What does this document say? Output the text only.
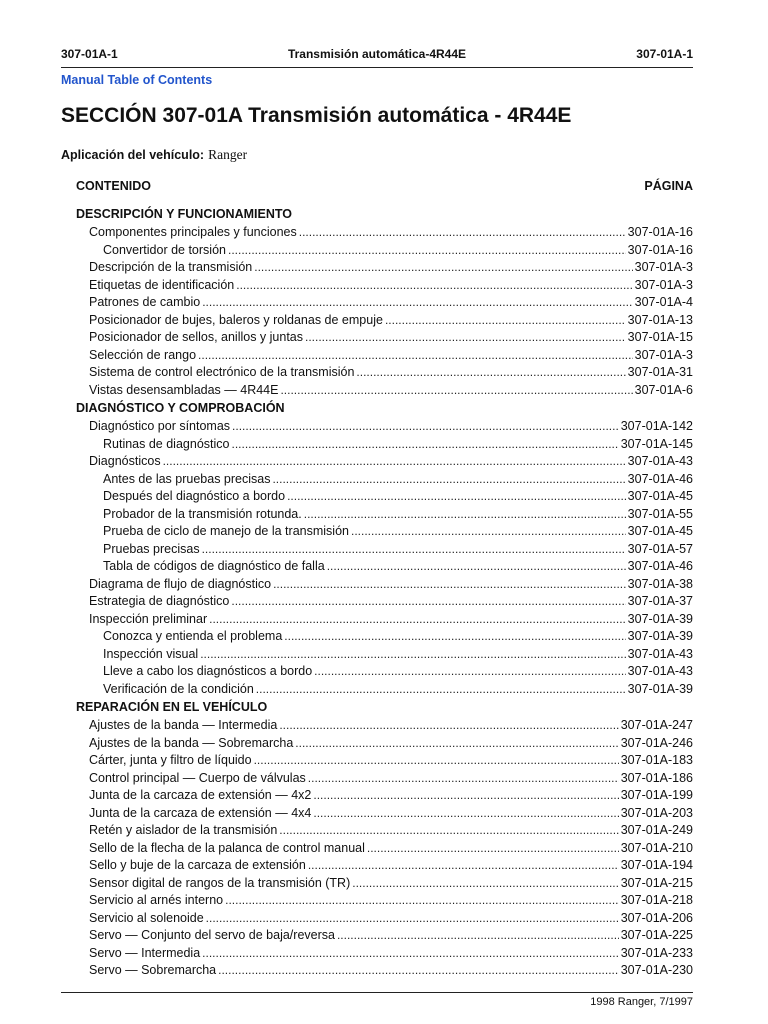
307-01A-1	Transmisión automática-4R44E	307-01A-1
Manual Table of Contents
SECCIÓN 307-01A Transmisión automática - 4R44E
Aplicación del vehículo: Ranger
CONTENIDO	PÁGINA
DESCRIPCIÓN Y FUNCIONAMIENTO
Componentes principales y funciones .....	307-01A-16
Convertidor de torsión .....	307-01A-16
Descripción de la transmisión .....	307-01A-3
Etiquetas de identificación .....	307-01A-3
Patrones de cambio .....	307-01A-4
Posicionador de bujes, baleros y roldanas de empuje .....	307-01A-13
Posicionador de sellos, anillos y juntas .....	307-01A-15
Selección de rango .....	307-01A-3
Sistema de control electrónico de la transmisión .....	307-01A-31
Vistas desensambladas — 4R44E .....	307-01A-6
DIAGNÓSTICO Y COMPROBACIÓN
Diagnóstico por síntomas .....	307-01A-142
Rutinas de diagnóstico .....	307-01A-145
Diagnósticos .....	307-01A-43
Antes de las pruebas precisas .....	307-01A-46
Después del diagnóstico a bordo .....	307-01A-45
Probador de la transmisión rotunda. .....	307-01A-55
Prueba de ciclo de manejo de la transmisión .....	307-01A-45
Pruebas precisas .....	307-01A-57
Tabla de códigos de diagnóstico de falla .....	307-01A-46
Diagrama de flujo de diagnóstico .....	307-01A-38
Estrategia de diagnóstico .....	307-01A-37
Inspección preliminar .....	307-01A-39
Conozca y entienda el problema .....	307-01A-39
Inspección visual .....	307-01A-43
Lleve a cabo los diagnósticos a bordo .....	307-01A-43
Verificación de la condición .....	307-01A-39
REPARACIÓN EN EL VEHÍCULO
Ajustes de la banda — Intermedia .....	307-01A-247
Ajustes de la banda — Sobremarcha .....	307-01A-246
Cárter, junta y filtro de líquido .....	307-01A-183
Control principal — Cuerpo de válvulas .....	307-01A-186
Junta de la carcaza de extensión — 4x2 .....	307-01A-199
Junta de la carcaza de extensión — 4x4 .....	307-01A-203
Retén y aislador de la transmisión .....	307-01A-249
Sello de la flecha de la palanca de control manual .....	307-01A-210
Sello y buje de la carcaza de extensión .....	307-01A-194
Sensor digital de rangos de la transmisión (TR) .....	307-01A-215
Servicio al arnés interno .....	307-01A-218
Servicio al solenoide .....	307-01A-206
Servo — Conjunto del servo de baja/reversa .....	307-01A-225
Servo — Intermedia .....	307-01A-233
Servo — Sobremarcha .....	307-01A-230
1998 Ranger, 7/1997
